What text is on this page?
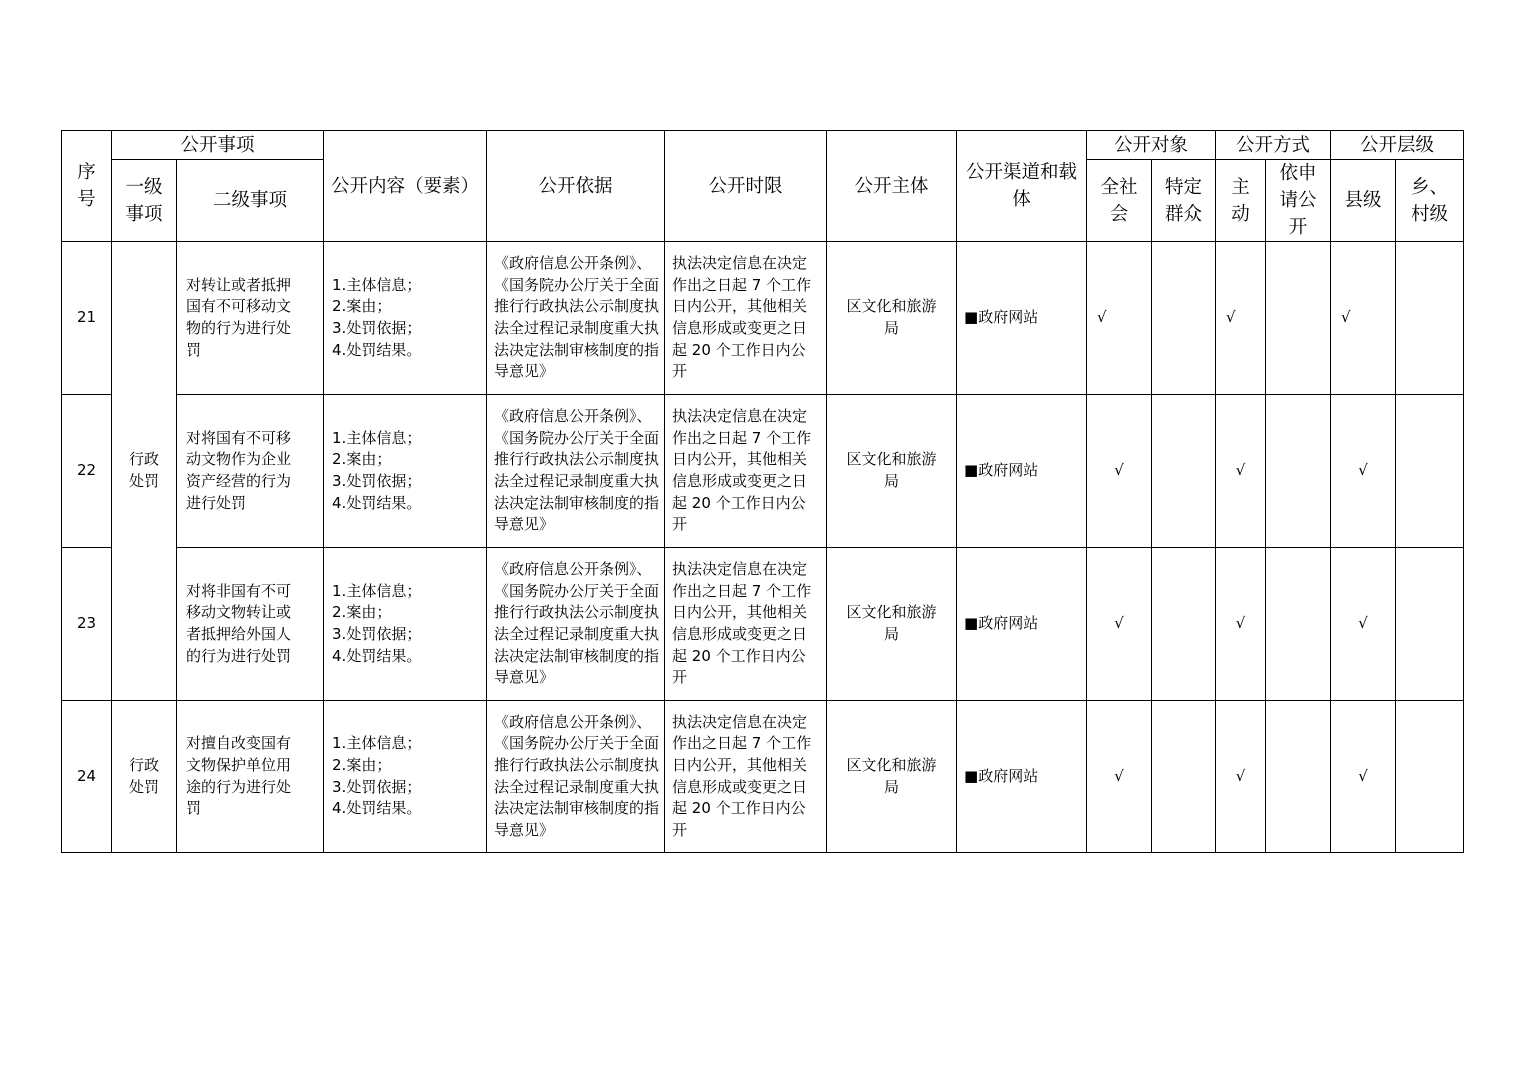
序号	公开事项		公开内容（要素）	公开依据	公开时限	公开主体	公开渠道和载体	公开对象		公开方式		公开层级	

	一级事项	二级事项						全社会	特定群众	主动	依申请公开	县级	乡、村级

21	行政处罚	对转让或者抵押国有不可移动文物的行为进行处罚	1.主体信息；
2.案由；
3.处罚依据；
4.处罚结果。	《政府信息公开条例》、《国务院办公厅关于全面推行行政执法公示制度执法全过程记录制度重大执法决定法制审核制度的指导意见》	执法决定信息在决定作出之日起 7 个工作日内公开，其他相关信息形成或变更之日起 20 个工作日内公开	区文化和旅游局	■政府网站	√		√		√	
22		对将国有不可移动文物作为企业资产经营的行为进行处罚	1.主体信息；
2.案由；
3.处罚依据；
4.处罚结果。	《政府信息公开条例》、《国务院办公厅关于全面推行行政执法公示制度执法全过程记录制度重大执法决定法制审核制度的指导意见》	执法决定信息在决定作出之日起 7 个工作日内公开，其他相关信息形成或变更之日起 20 个工作日内公开	区文化和旅游局	■政府网站	√		√		√	
23		对将非国有不可移动文物转让或者抵押给外国人的行为进行处罚	1.主体信息；
2.案由；
3.处罚依据；
4.处罚结果。	《政府信息公开条例》、《国务院办公厅关于全面推行行政执法公示制度执法全过程记录制度重大执法决定法制审核制度的指导意见》	执法决定信息在决定作出之日起 7 个工作日内公开，其他相关信息形成或变更之日起 20 个工作日内公开	区文化和旅游局	■政府网站	√		√		√	
24	行政处罚	对擅自改变国有文物保护单位用途的行为进行处罚	1.主体信息；
2.案由；
3.处罚依据；
4.处罚结果。	《政府信息公开条例》、《国务院办公厅关于全面推行行政执法公示制度执法全过程记录制度重大执法决定法制审核制度的指导意见》	执法决定信息在决定作出之日起 7 个工作日内公开，其他相关信息形成或变更之日起 20 个工作日内公开	区文化和旅游局	■政府网站	√		√		√	
